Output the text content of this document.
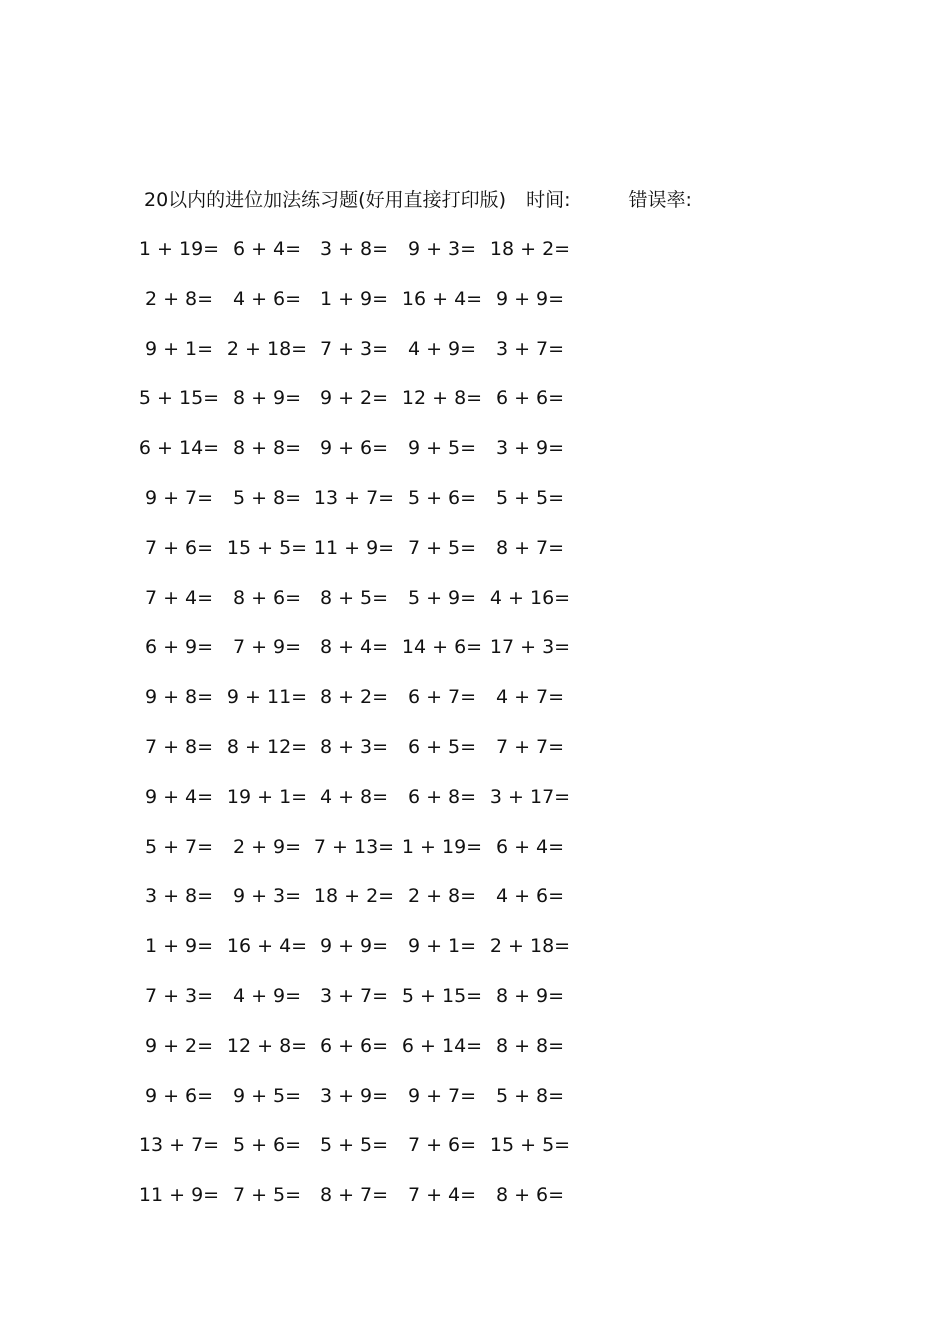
20以内的进位加法练习题(好用直接打印版) 时间:	错误率:
1 + 19= 6 + 4= 3 + 8=	9 + 3= 18 + 2=
2 + 8=	4 + 6= 1 + 9= 16 + 4= 9 + 9=
9 + 1= 2 + 18= 7 + 3=	4 + 9=	3 + 7=
5 + 15= 8 + 9= 9 + 2= 12 + 8= 6 + 6=
6 + 14= 8 + 8= 9 + 6=	9 + 5=	3 + 9=
9 + 7=	5 + 8= 13 + 7= 5 + 6=	5 + 5=
7 + 6= 15 + 5= 11 + 9= 7 + 5=	8 + 7=
7 + 4=	8 + 6= 8 + 5=	5 + 9= 4 + 16=
6 + 9=	7 + 9= 8 + 4= 14 + 6= 17 + 3=
9 + 8= 9 + 11= 8 + 2=	6 + 7=	4 + 7=
7 + 8= 8 + 12= 8 + 3=	6 + 5=	7 + 7=
9 + 4= 19 + 1= 4 + 8=	6 + 8= 3 + 17=
5 + 7=	2 + 9= 7 + 13= 1 + 19= 6 + 4=
3 + 8=	9 + 3= 18 + 2= 2 + 8=	4 + 6=
1 + 9= 16 + 4= 9 + 9=	9 + 1= 2 + 18=
7 + 3=	4 + 9= 3 + 7= 5 + 15= 8 + 9=
9 + 2= 12 + 8= 6 + 6= 6 + 14= 8 + 8=
9 + 6=	9 + 5= 3 + 9=	9 + 7=	5 + 8=
13 + 7= 5 + 6= 5 + 5=	7 + 6= 15 + 5=
11 + 9= 7 + 5= 8 + 7=	7 + 4=	8 + 6=
